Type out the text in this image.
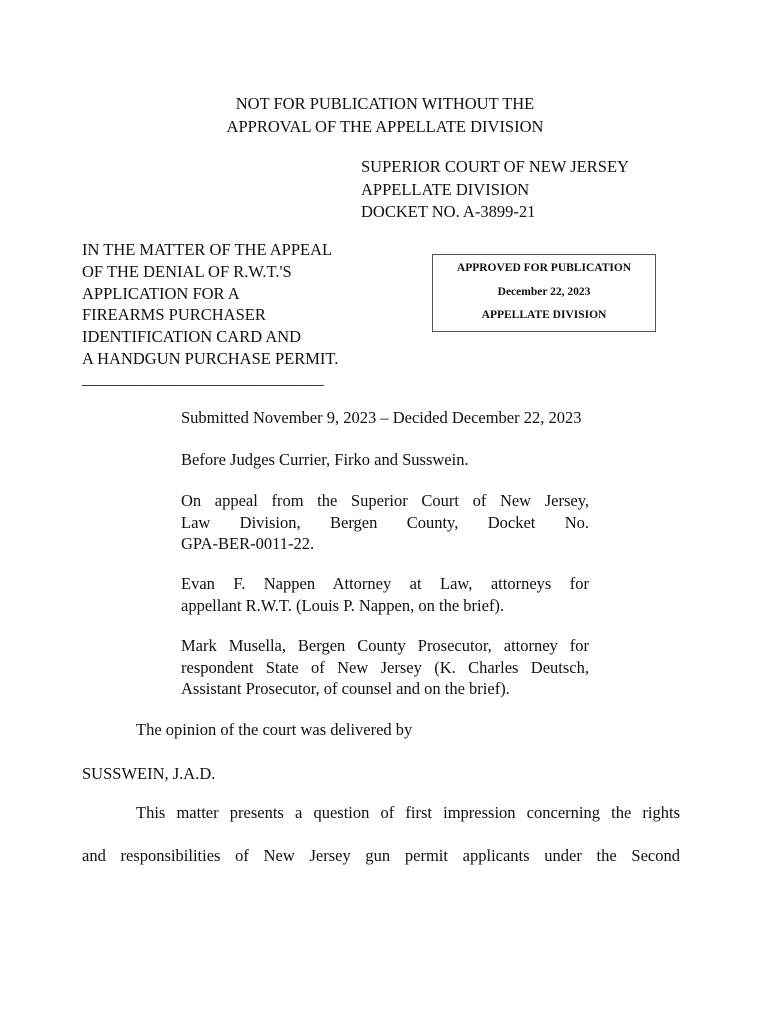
NOT FOR PUBLICATION WITHOUT THE
APPROVAL OF THE APPELLATE DIVISION
SUPERIOR COURT OF NEW JERSEY
APPELLATE DIVISION
DOCKET NO. A-3899-21
IN THE MATTER OF THE APPEAL
OF THE DENIAL OF R.W.T.'S
APPLICATION FOR A
FIREARMS PURCHASER
IDENTIFICATION CARD AND
A HANDGUN PURCHASE PERMIT.
______________________________
APPROVED FOR PUBLICATION
December 22, 2023
APPELLATE DIVISION
Submitted November 9, 2023 – Decided December 22, 2023
Before Judges Currier, Firko and Susswein.
On appeal from the Superior Court of New Jersey,
Law Division, Bergen County, Docket No.
GPA-BER-0011-22.
Evan F. Nappen Attorney at Law, attorneys for
appellant R.W.T. (Louis P. Nappen, on the brief).
Mark Musella, Bergen County Prosecutor, attorney for
respondent State of New Jersey (K. Charles Deutsch,
Assistant Prosecutor, of counsel and on the brief).
The opinion of the court was delivered by
SUSSWEIN, J.A.D.
This matter presents a question of first impression concerning the rights
and responsibilities of New Jersey gun permit applicants under the Second
